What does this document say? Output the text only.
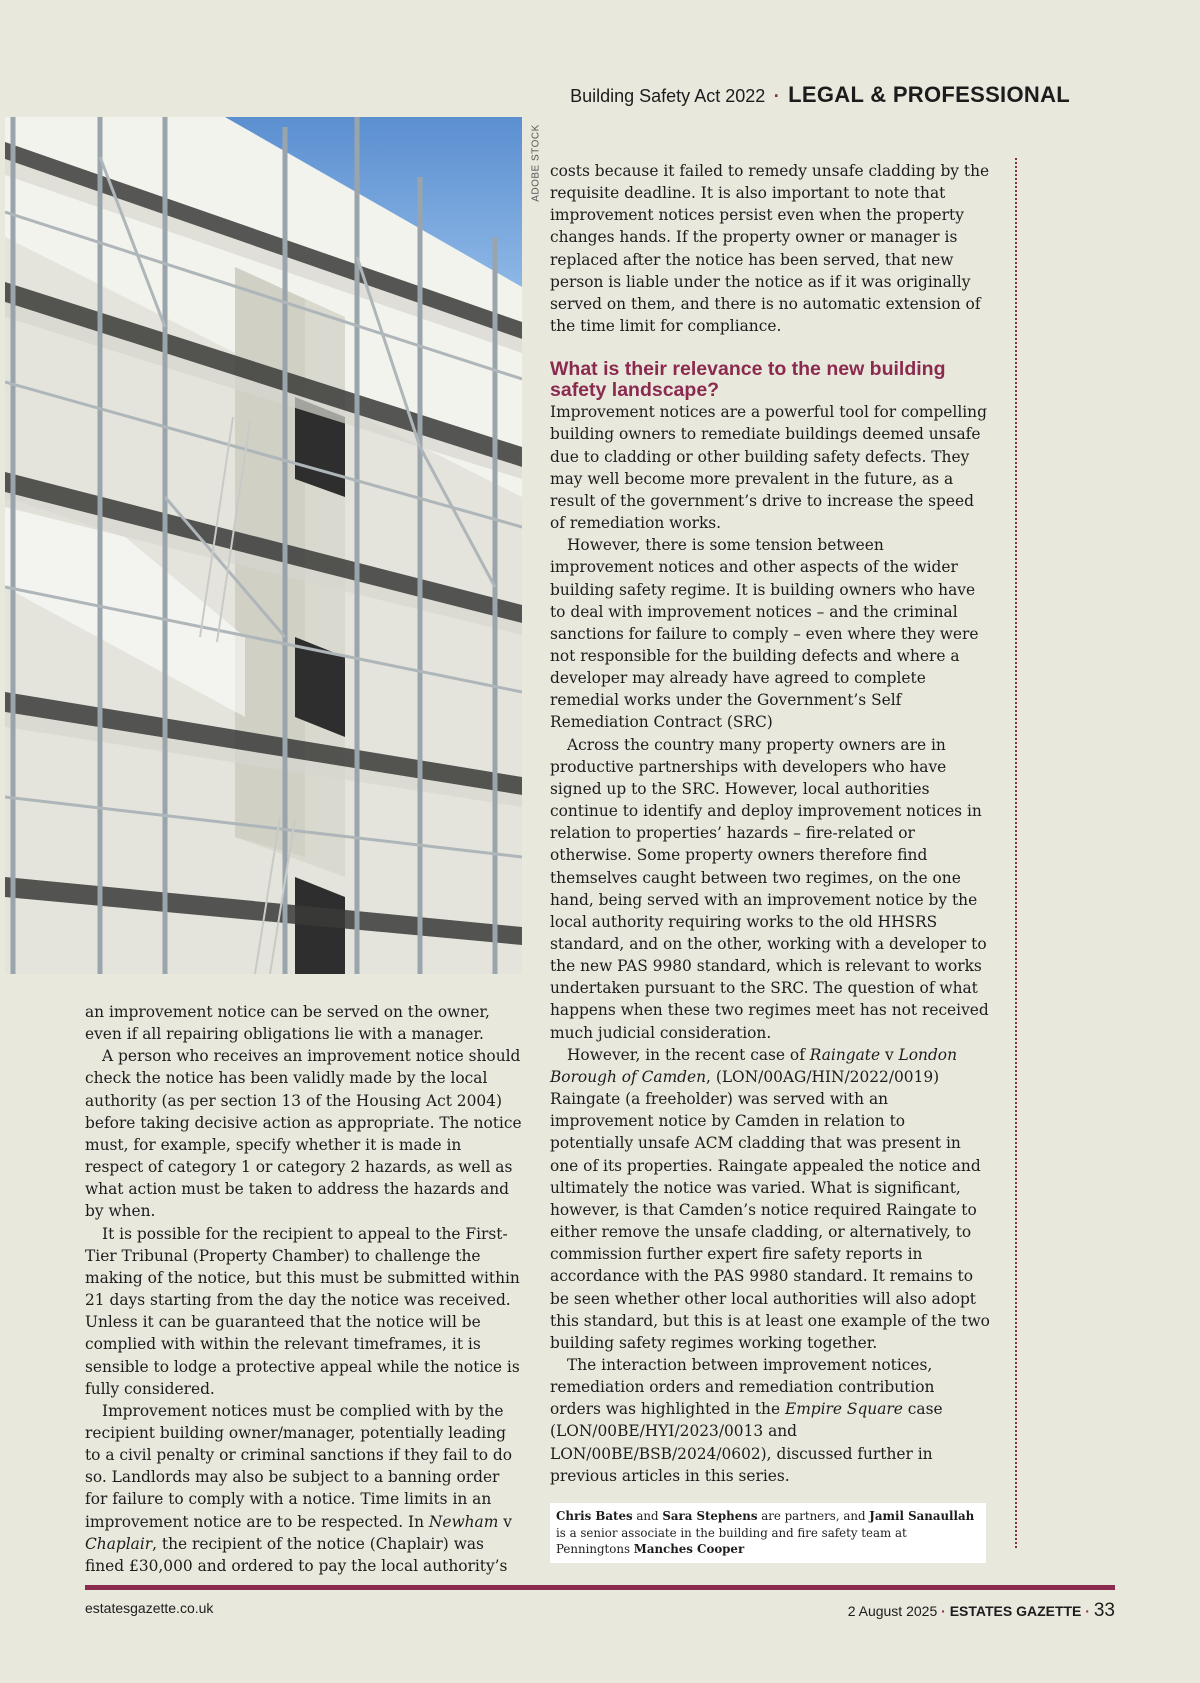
Building Safety Act 2022 · LEGAL & PROFESSIONAL
ADOBE STOCK

an improvement notice can be served on the owner, even if all repairing obligations lie with a manager.

A person who receives an improvement notice should check the notice has been validly made by the local authority (as per section 13 of the Housing Act 2004) before taking decisive action as appropriate. The notice must, for example, specify whether it is made in respect of category 1 or category 2 hazards, as well as what action must be taken to address the hazards and by when.

It is possible for the recipient to appeal to the First-Tier Tribunal (Property Chamber) to challenge the making of the notice, but this must be submitted within 21 days starting from the day the notice was received. Unless it can be guaranteed that the notice will be complied with within the relevant timeframes, it is sensible to lodge a protective appeal while the notice is fully considered.

Improvement notices must be complied with by the recipient building owner/manager, potentially leading to a civil penalty or criminal sanctions if they fail to do so. Landlords may also be subject to a banning order for failure to comply with a notice. Time limits in an improvement notice are to be respected. In Newham v Chaplair, the recipient of the notice (Chaplair) was fined £30,000 and ordered to pay the local authority’s

costs because it failed to remedy unsafe cladding by the requisite deadline. It is also important to note that improvement notices persist even when the property changes hands. If the property owner or manager is replaced after the notice has been served, that new person is liable under the notice as if it was originally served on them, and there is no automatic extension of the time limit for compliance.

What is their relevance to the new building safety landscape?

Improvement notices are a powerful tool for compelling building owners to remediate buildings deemed unsafe due to cladding or other building safety defects. They may well become more prevalent in the future, as a result of the government’s drive to increase the speed of remediation works.

However, there is some tension between improvement notices and other aspects of the wider building safety regime. It is building owners who have to deal with improvement notices – and the criminal sanctions for failure to comply – even where they were not responsible for the building defects and where a developer may already have agreed to complete remedial works under the Government’s Self Remediation Contract (SRC)

Across the country many property owners are in productive partnerships with developers who have signed up to the SRC. However, local authorities continue to identify and deploy improvement notices in relation to properties’ hazards – fire-related or otherwise. Some property owners therefore find themselves caught between two regimes, on the one hand, being served with an improvement notice by the local authority requiring works to the old HHSRS standard, and on the other, working with a developer to the new PAS 9980 standard, which is relevant to works undertaken pursuant to the SRC. The question of what happens when these two regimes meet has not received much judicial consideration.

However, in the recent case of Raingate v London Borough of Camden, (LON/00AG/HIN/2022/0019) Raingate (a freeholder) was served with an improvement notice by Camden in relation to potentially unsafe ACM cladding that was present in one of its properties. Raingate appealed the notice and ultimately the notice was varied. What is significant, however, is that Camden’s notice required Raingate to either remove the unsafe cladding, or alternatively, to commission further expert fire safety reports in accordance with the PAS 9980 standard. It remains to be seen whether other local authorities will also adopt this standard, but this is at least one example of the two building safety regimes working together.

The interaction between improvement notices, remediation orders and remediation contribution orders was highlighted in the Empire Square case (LON/00BE/HYI/2023/0013 and LON/00BE/BSB/2024/0602), discussed further in previous articles in this series.

Chris Bates and Sara Stephens are partners, and Jamil Sanaullah is a senior associate in the building and fire safety team at Penningtons Manches Cooper
estatesgazette.co.uk	2 August 2025 · ESTATES GAZETTE · 33
